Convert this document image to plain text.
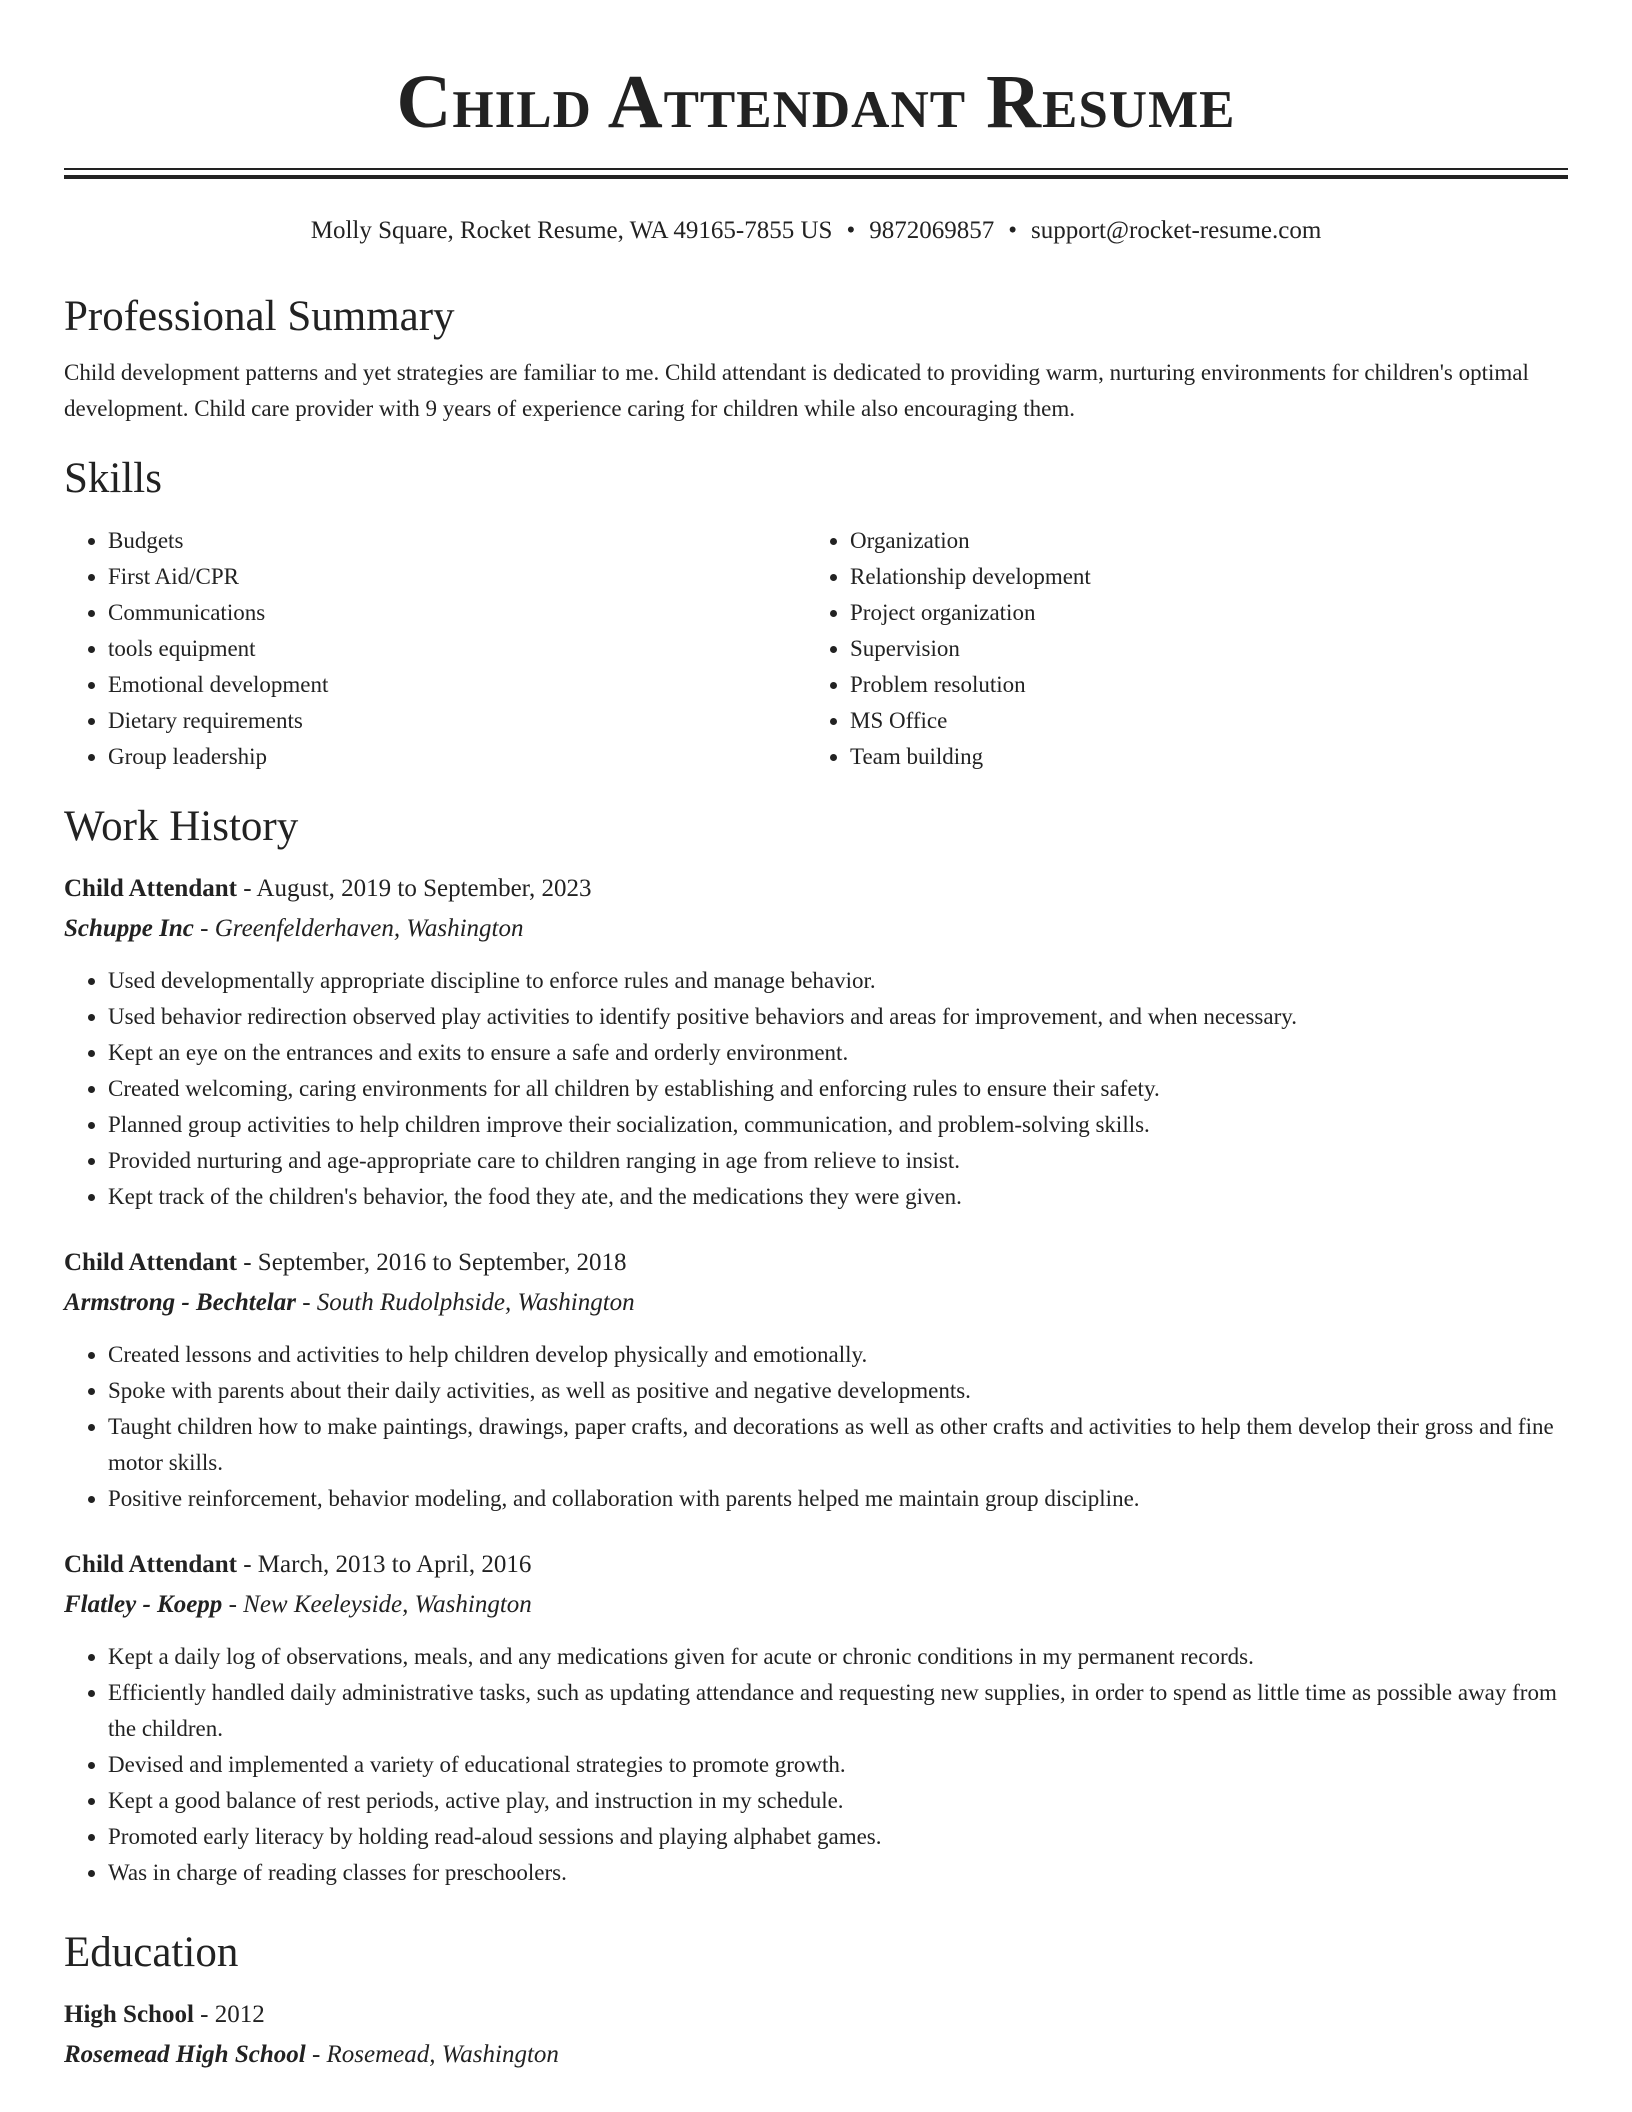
Child Attendant Resume
Molly Square, Rocket Resume, WA 49165-7855 US • 9872069857 • support@rocket-resume.com
Professional Summary

Child development patterns and yet strategies are familiar to me. Child attendant is dedicated to providing warm, nurturing environments for children's optimal development. Child care provider with 9 years of experience caring for children while also encouraging them.

Skills
• Budgets
• First Aid/CPR
• Communications
• tools equipment
• Emotional development
• Dietary requirements
• Group leadership
• Organization
• Relationship development
• Project organization
• Supervision
• Problem resolution
• MS Office
• Team building
Work History
Child Attendant - August, 2019 to September, 2023
Schuppe Inc - Greenfelderhaven, Washington
• Used developmentally appropriate discipline to enforce rules and manage behavior.
• Used behavior redirection observed play activities to identify positive behaviors and areas for improvement, and when necessary.
• Kept an eye on the entrances and exits to ensure a safe and orderly environment.
• Created welcoming, caring environments for all children by establishing and enforcing rules to ensure their safety.
• Planned group activities to help children improve their socialization, communication, and problem-solving skills.
• Provided nurturing and age-appropriate care to children ranging in age from relieve to insist.
• Kept track of the children's behavior, the food they ate, and the medications they were given.
Child Attendant - September, 2016 to September, 2018
Armstrong - Bechtelar - South Rudolphside, Washington
• Created lessons and activities to help children develop physically and emotionally.
• Spoke with parents about their daily activities, as well as positive and negative developments.
• Taught children how to make paintings, drawings, paper crafts, and decorations as well as other crafts and activities to help them develop their gross and fine motor skills.
• Positive reinforcement, behavior modeling, and collaboration with parents helped me maintain group discipline.
Child Attendant - March, 2013 to April, 2016
Flatley - Koepp - New Keeleyside, Washington
• Kept a daily log of observations, meals, and any medications given for acute or chronic conditions in my permanent records.
• Efficiently handled daily administrative tasks, such as updating attendance and requesting new supplies, in order to spend as little time as possible away from the children.
• Devised and implemented a variety of educational strategies to promote growth.
• Kept a good balance of rest periods, active play, and instruction in my schedule.
• Promoted early literacy by holding read-aloud sessions and playing alphabet games.
• Was in charge of reading classes for preschoolers.
Education
High School - 2012
Rosemead High School - Rosemead, Washington
